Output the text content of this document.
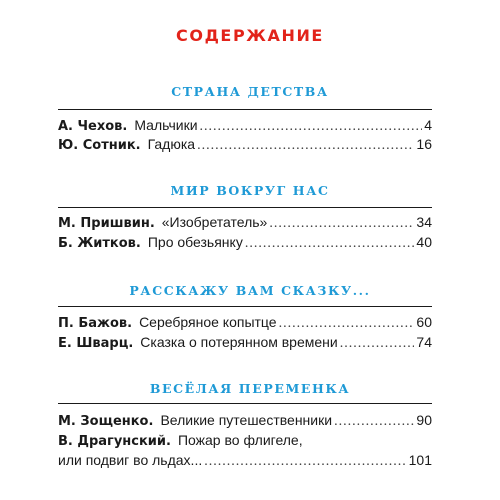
СОДЕРЖАНИЕ
СТРАНА ДЕТСТВА
А. Чехов. Мальчики .....	4
Ю. Сотник. Гадюка .....	16
МИР ВОКРУГ НАС
М. Пришвин. «Изобретатель» .....	34
Б. Житков. Про обезьянку .....	40
РАССКАЖУ ВАМ СКАЗКУ...
П. Бажов. Серебряное копытце .....	60
Е. Шварц. Сказка о потерянном времени .....	74
ВЕСЁЛАЯ ПЕРЕМЕНКА
М. Зощенко. Великие путешественники .....	90
В. Драгунский. Пожар во флигеле,
или подвиг во льдах... .....	101
